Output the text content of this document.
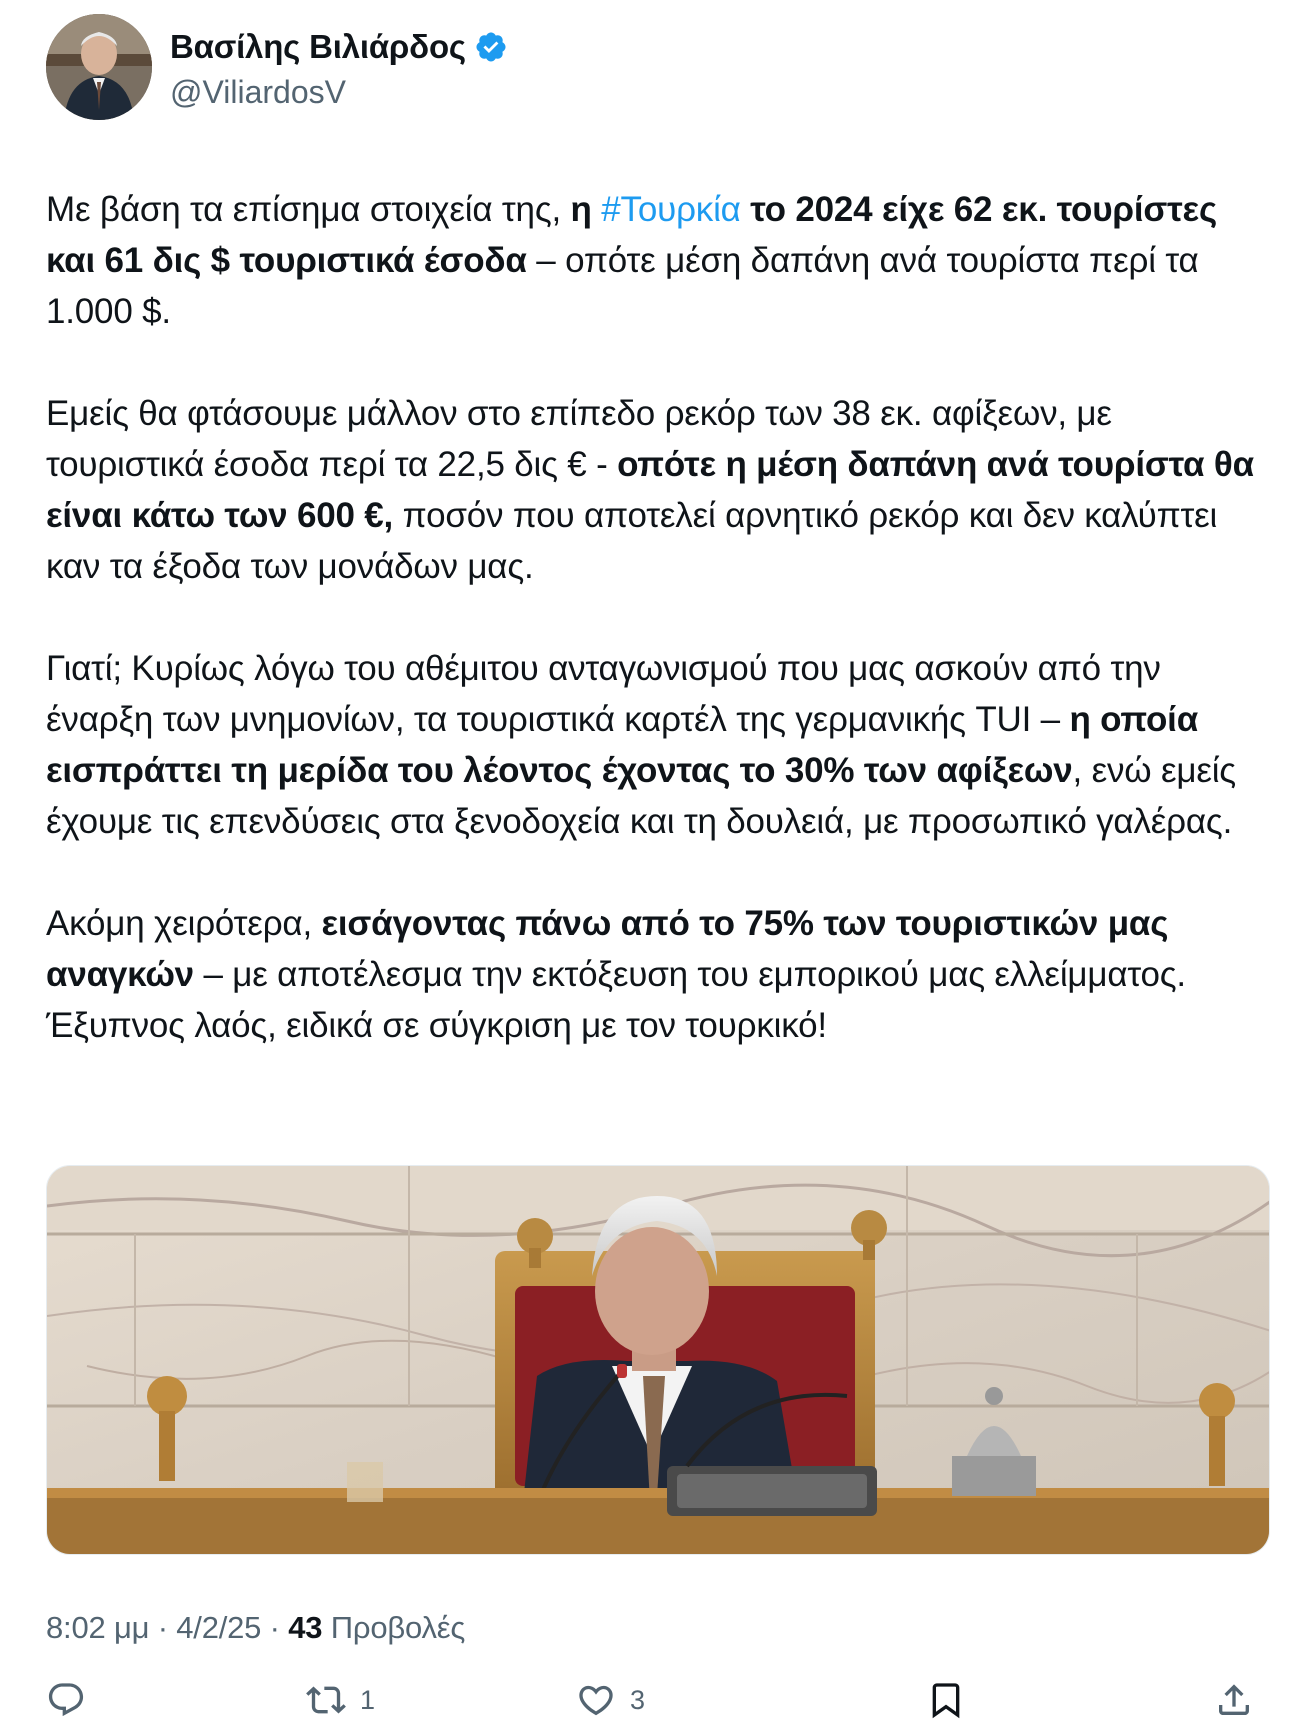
Βασίλης Βιλιάρδος
@ViliardosV

Με βάση τα επίσημα στοιχεία της, η #Τουρκία το 2024 είχε 62 εκ. τουρίστες και 61 δις $ τουριστικά έσοδα – οπότε μέση δαπάνη ανά τουρίστα περί τα 1.000 $.

Εμείς θα φτάσουμε μάλλον στο επίπεδο ρεκόρ των 38 εκ. αφίξεων, με τουριστικά έσοδα περί τα 22,5 δις € - οπότε η μέση δαπάνη ανά τουρίστα θα είναι κάτω των 600 €, ποσόν που αποτελεί αρνητικό ρεκόρ και δεν καλύπτει καν τα έξοδα των μονάδων μας.

Γιατί; Κυρίως λόγω του αθέμιτου ανταγωνισμού που μας ασκούν από την έναρξη των μνημονίων, τα τουριστικά καρτέλ της γερμανικής TUI – η οποία εισπράττει τη μερίδα του λέοντος έχοντας το 30% των αφίξεων, ενώ εμείς έχουμε τις επενδύσεις στα ξενοδοχεία και τη δουλειά, με προσωπικό γαλέρας.

Ακόμη χειρότερα, εισάγοντας πάνω από το 75% των τουριστικών μας αναγκών – με αποτέλεσμα την εκτόξευση του εμπορικού μας ελλείμματος. Έξυπνος λαός, ειδικά σε σύγκριση με τον τουρκικό!

8:02 μμ · 4/2/25 · 43 Προβολές
1	3
